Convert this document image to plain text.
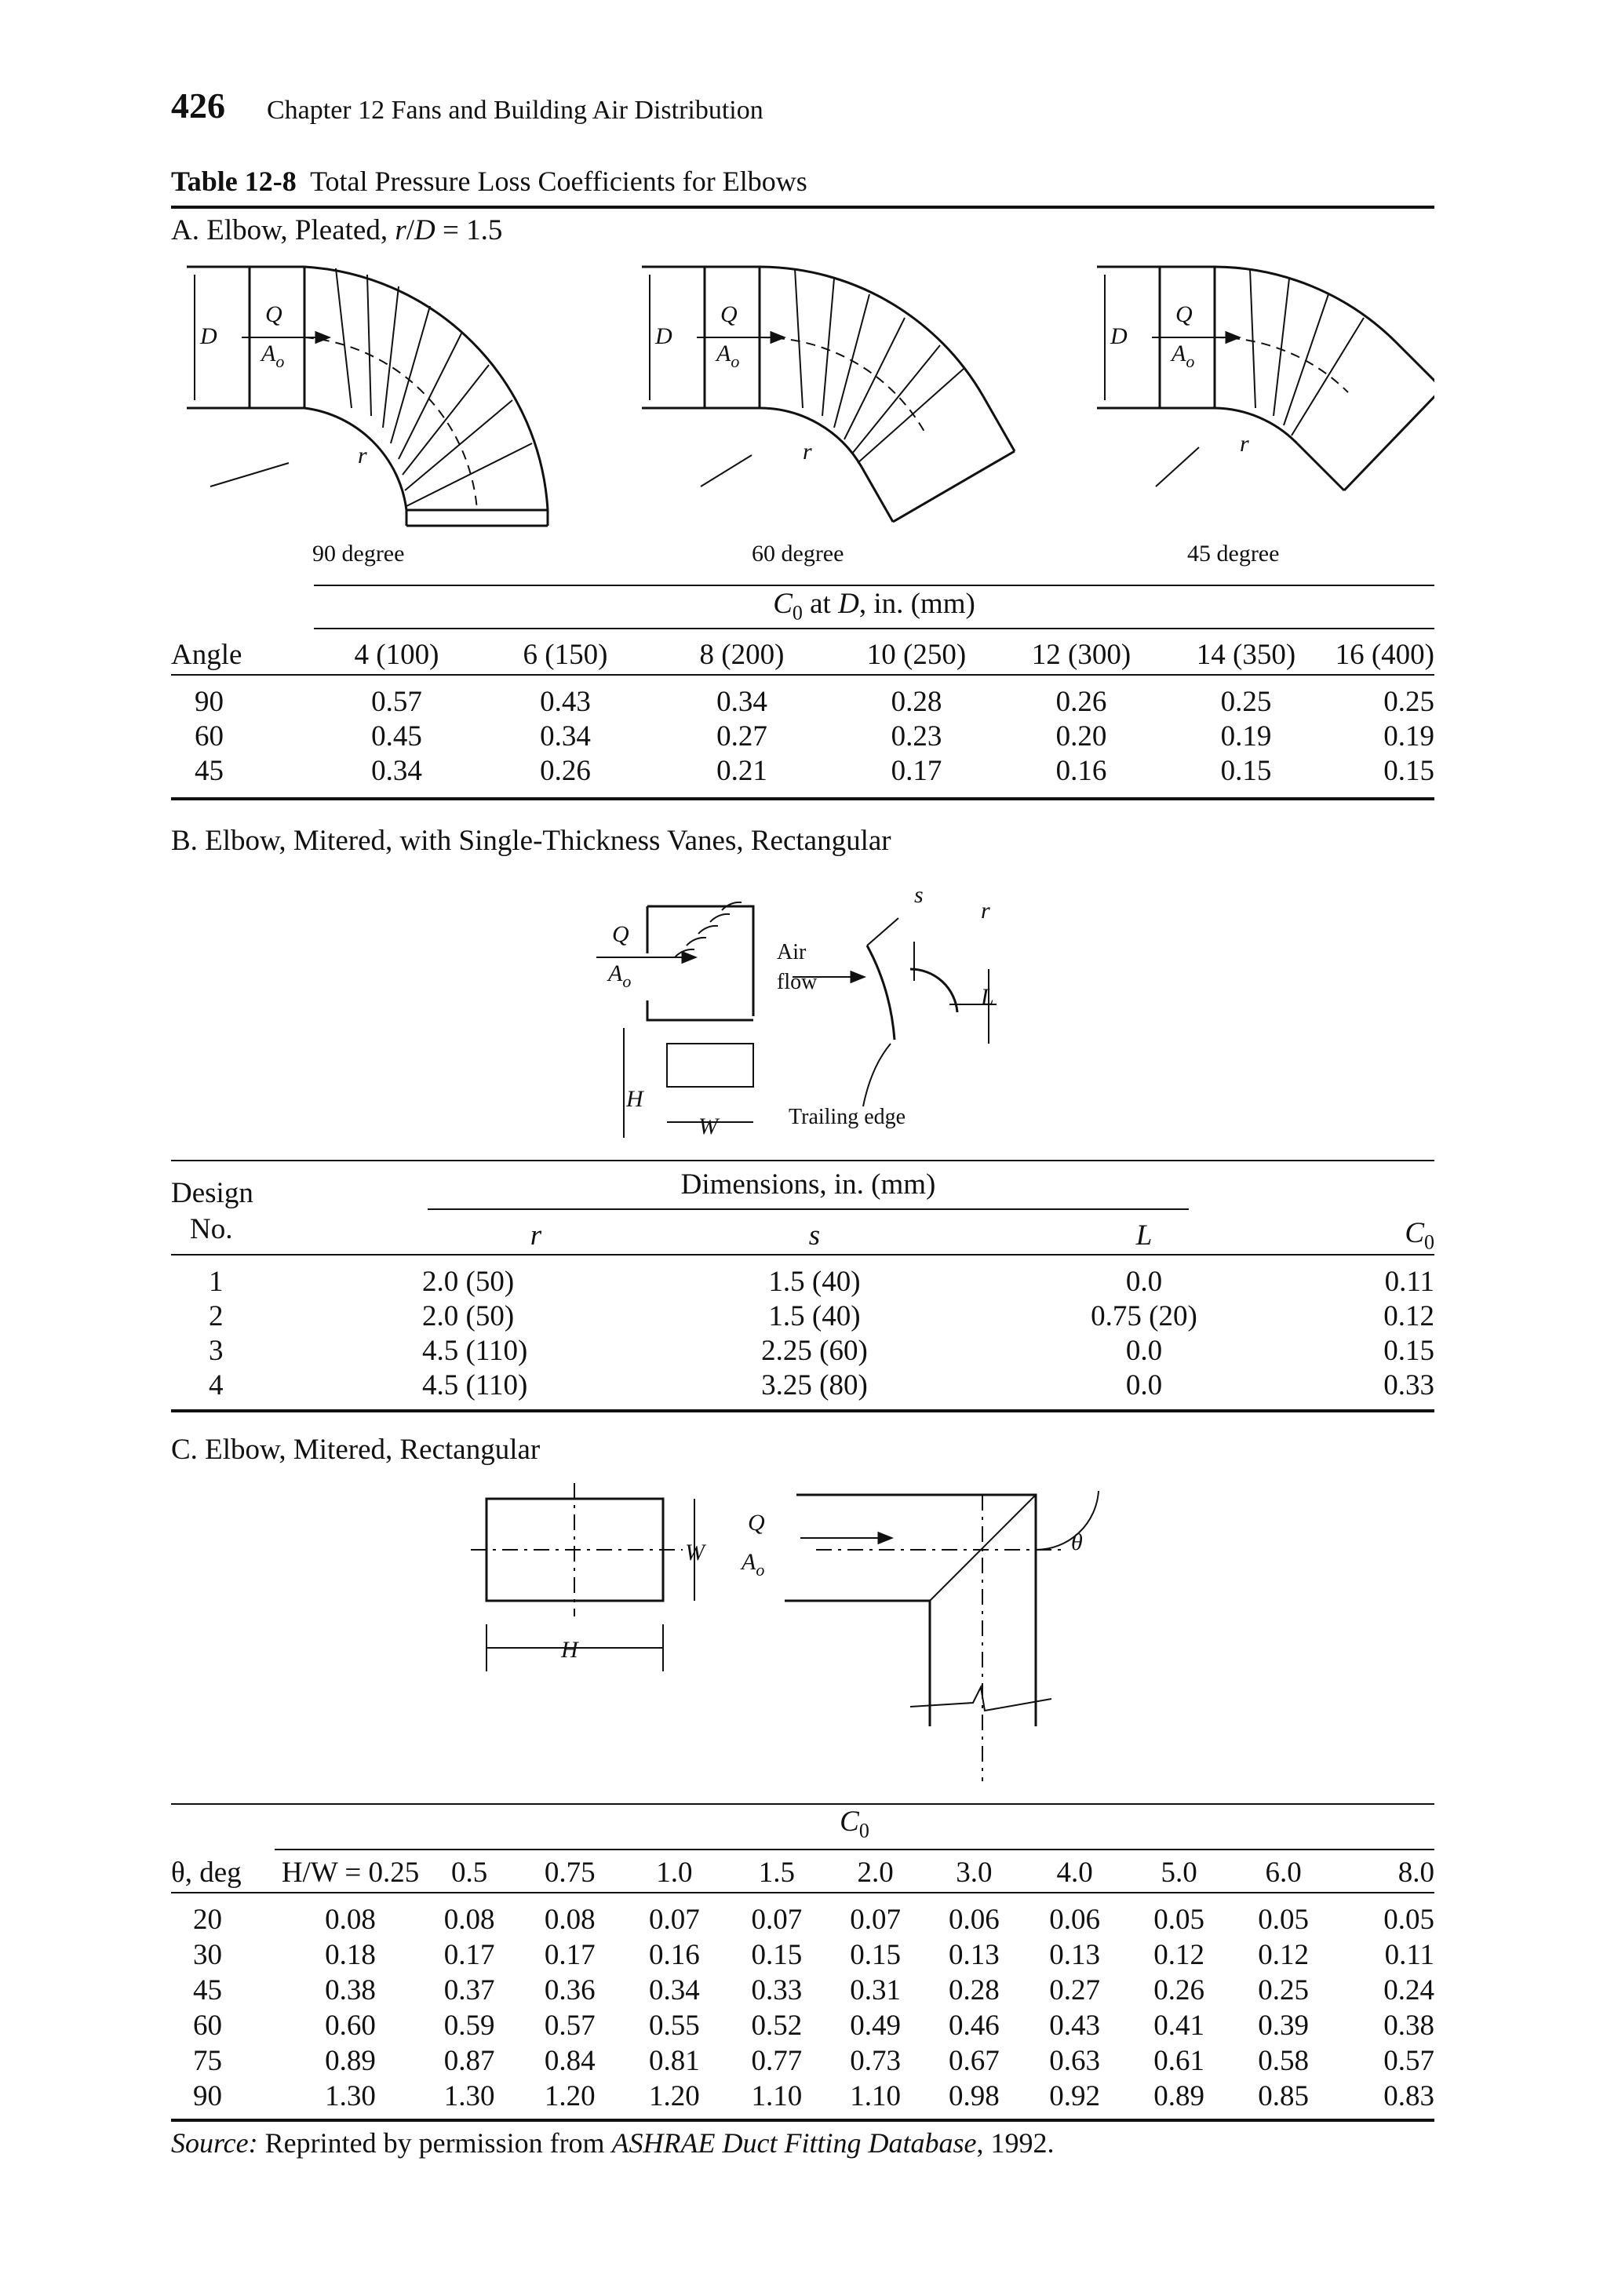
426 Chapter 12 Fans and Building Air Distribution
Table 12-8 Total Pressure Loss Coefficients for Elbows
A. Elbow, Pleated, r/D = 1.5
D
Q
$A_o$
r
D
Q
$A_o$
r
D
Q
$A_o$
r
90 degree	60 degree	45 degree
$C_0$ at D, in. (mm)
Angle	4 (100)	6 (150)	8 (200)	10 (250)	12 (300)	14 (350)	16 (400)

90	0.57	0.43	0.34	0.28	0.26	0.25	0.25
60	0.45	0.34	0.27	0.23	0.20	0.19	0.19
45	0.34	0.26	0.21	0.17	0.16	0.15	0.15
B. Elbow, Mitered, with Single-Thickness Vanes, Rectangular
Q
$A_o$
H
W
s
r
L
Air
flow
Trailing edge
Design
No.
Dimensions, in. (mm)
	r	s	L	$C_0$

1	2.0 (50)	1.5 (40)	0.0	0.11
2	2.0 (50)	1.5 (40)	0.75 (20)	0.12
3	4.5 (110)	2.25 (60)	0.0	0.15
4	4.5 (110)	3.25 (80)	0.0	0.33
C. Elbow, Mitered, Rectangular
W
H
Q
$A_o$
θ
$C_0$
θ, deg	H/W = 0.25	0.5	0.75	1.0	1.5	2.0	3.0	4.0	5.0	6.0	8.0

20	0.08	0.08	0.08	0.07	0.07	0.07	0.06	0.06	0.05	0.05	0.05
30	0.18	0.17	0.17	0.16	0.15	0.15	0.13	0.13	0.12	0.12	0.11
45	0.38	0.37	0.36	0.34	0.33	0.31	0.28	0.27	0.26	0.25	0.24
60	0.60	0.59	0.57	0.55	0.52	0.49	0.46	0.43	0.41	0.39	0.38
75	0.89	0.87	0.84	0.81	0.77	0.73	0.67	0.63	0.61	0.58	0.57
90	1.30	1.30	1.20	1.20	1.10	1.10	0.98	0.92	0.89	0.85	0.83
Source: Reprinted by permission from ASHRAE Duct Fitting Database, 1992.
